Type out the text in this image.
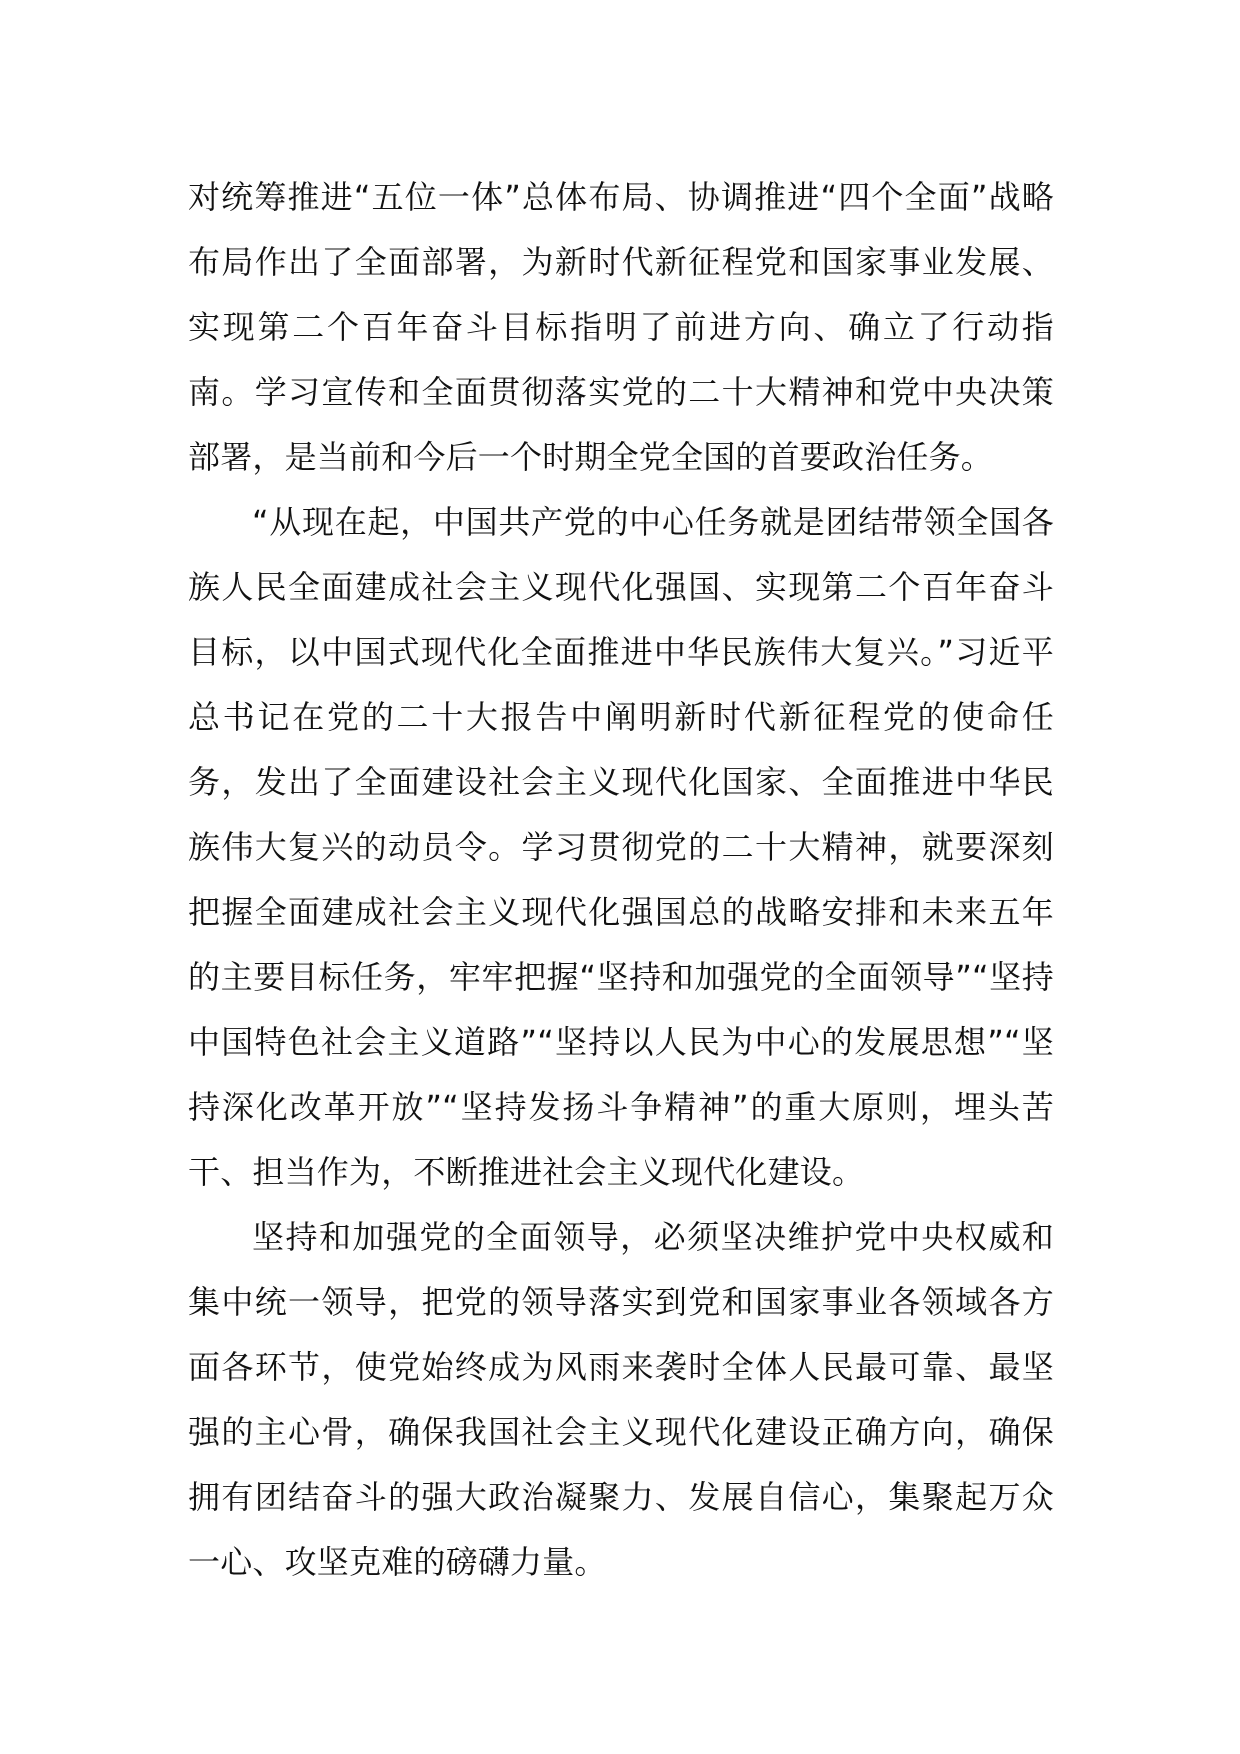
对统筹推进“五位一体”总体布局、协调推进“四个全面”战略布局作出了全面部署，为新时代新征程党和国家事业发展、实现第二个百年奋斗目标指明了前进方向、确立了行动指南。学习宣传和全面贯彻落实党的二十大精神和党中央决策部署，是当前和今后一个时期全党全国的首要政治任务。

“从现在起，中国共产党的中心任务就是团结带领全国各族人民全面建成社会主义现代化强国、实现第二个百年奋斗目标，以中国式现代化全面推进中华民族伟大复兴。”习近平总书记在党的二十大报告中阐明新时代新征程党的使命任务，发出了全面建设社会主义现代化国家、全面推进中华民族伟大复兴的动员令。学习贯彻党的二十大精神，就要深刻把握全面建成社会主义现代化强国总的战略安排和未来五年的主要目标任务，牢牢把握“坚持和加强党的全面领导”“坚持中国特色社会主义道路”“坚持以人民为中心的发展思想”“坚持深化改革开放”“坚持发扬斗争精神”的重大原则，埋头苦干、担当作为，不断推进社会主义现代化建设。

坚持和加强党的全面领导，必须坚决维护党中央权威和集中统一领导，把党的领导落实到党和国家事业各领域各方面各环节，使党始终成为风雨来袭时全体人民最可靠、最坚强的主心骨，确保我国社会主义现代化建设正确方向，确保拥有团结奋斗的强大政治凝聚力、发展自信心，集聚起万众一心、攻坚克难的磅礴力量。
